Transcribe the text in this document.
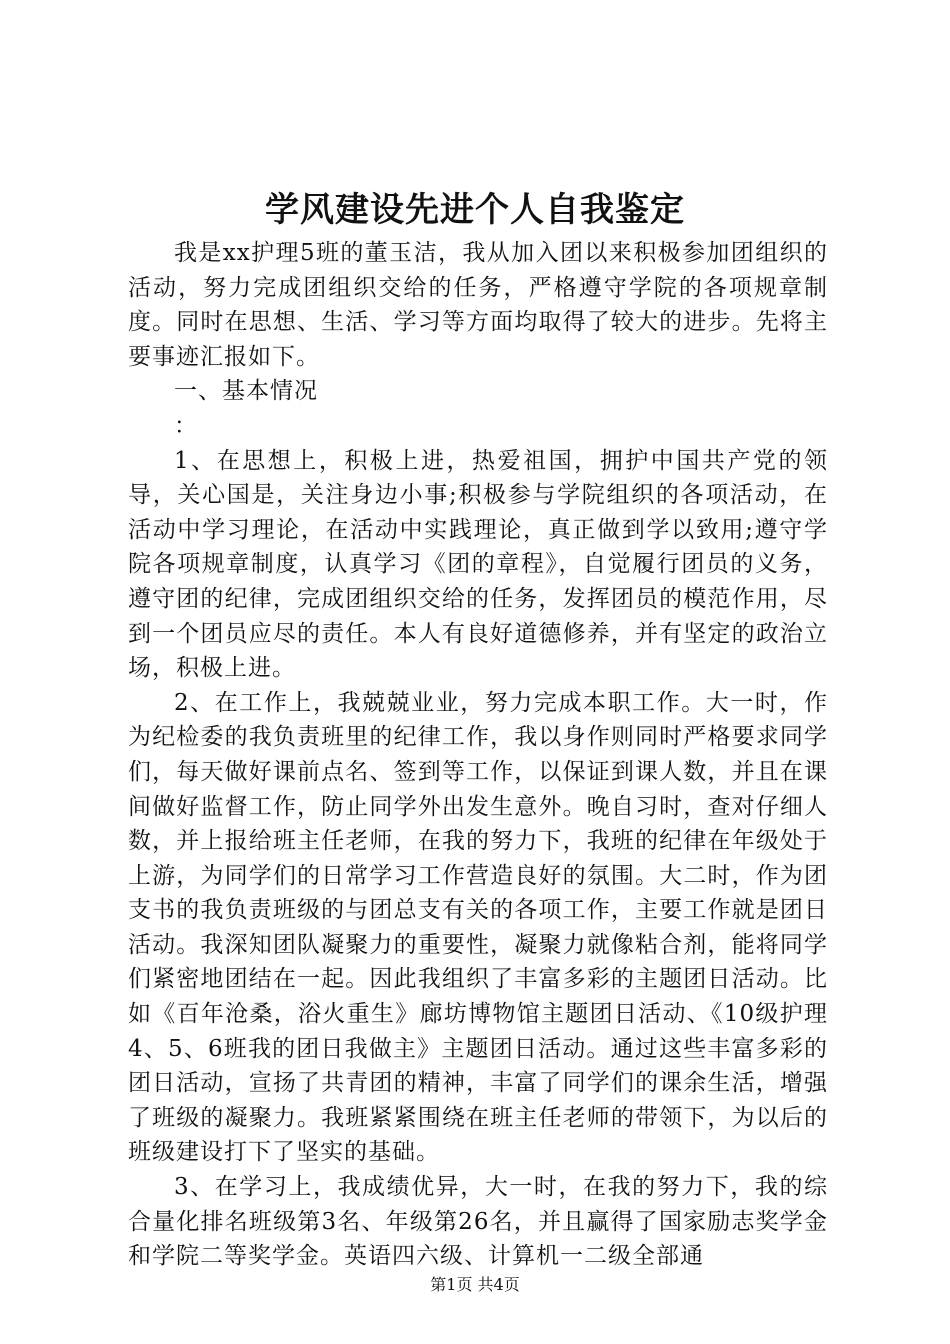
学风建设先进个人自我鉴定

我是xx护理5班的董玉洁，我从加入团以来积极参加团组织的活动，努力完成团组织交给的任务，严格遵守学院的各项规章制度。同时在思想、生活、学习等方面均取得了较大的进步。先将主要事迹汇报如下。

一、基本情况

：

1、在思想上，积极上进，热爱祖国，拥护中国共产党的领导，关心国是，关注身边小事;积极参与学院组织的各项活动，在活动中学习理论，在活动中实践理论，真正做到学以致用;遵守学院各项规章制度，认真学习《团的章程》，自觉履行团员的义务，遵守团的纪律，完成团组织交给的任务，发挥团员的模范作用，尽到一个团员应尽的责任。本人有良好道德修养，并有坚定的政治立场，积极上进。

2、在工作上，我兢兢业业，努力完成本职工作。大一时，作为纪检委的我负责班里的纪律工作，我以身作则同时严格要求同学们，每天做好课前点名、签到等工作，以保证到课人数，并且在课间做好监督工作，防止同学外出发生意外。晚自习时，查对仔细人数，并上报给班主任老师，在我的努力下，我班的纪律在年级处于上游，为同学们的日常学习工作营造良好的氛围。大二时，作为团支书的我负责班级的与团总支有关的各项工作，主要工作就是团日活动。我深知团队凝聚力的重要性，凝聚力就像粘合剂，能将同学们紧密地团结在一起。因此我组织了丰富多彩的主题团日活动。比如《百年沧桑，浴火重生》廊坊博物馆主题团日活动、《10级护理4、5、6班我的团日我做主》主题团日活动。通过这些丰富多彩的团日活动，宣扬了共青团的精神，丰富了同学们的课余生活，增强了班级的凝聚力。我班紧紧围绕在班主任老师的带领下，为以后的班级建设打下了坚实的基础。

3、在学习上，我成绩优异，大一时，在我的努力下，我的综合量化排名班级第3名、年级第26名，并且赢得了国家励志奖学金和学院二等奖学金。英语四六级、计算机一二级全部通

第1页 共4页
